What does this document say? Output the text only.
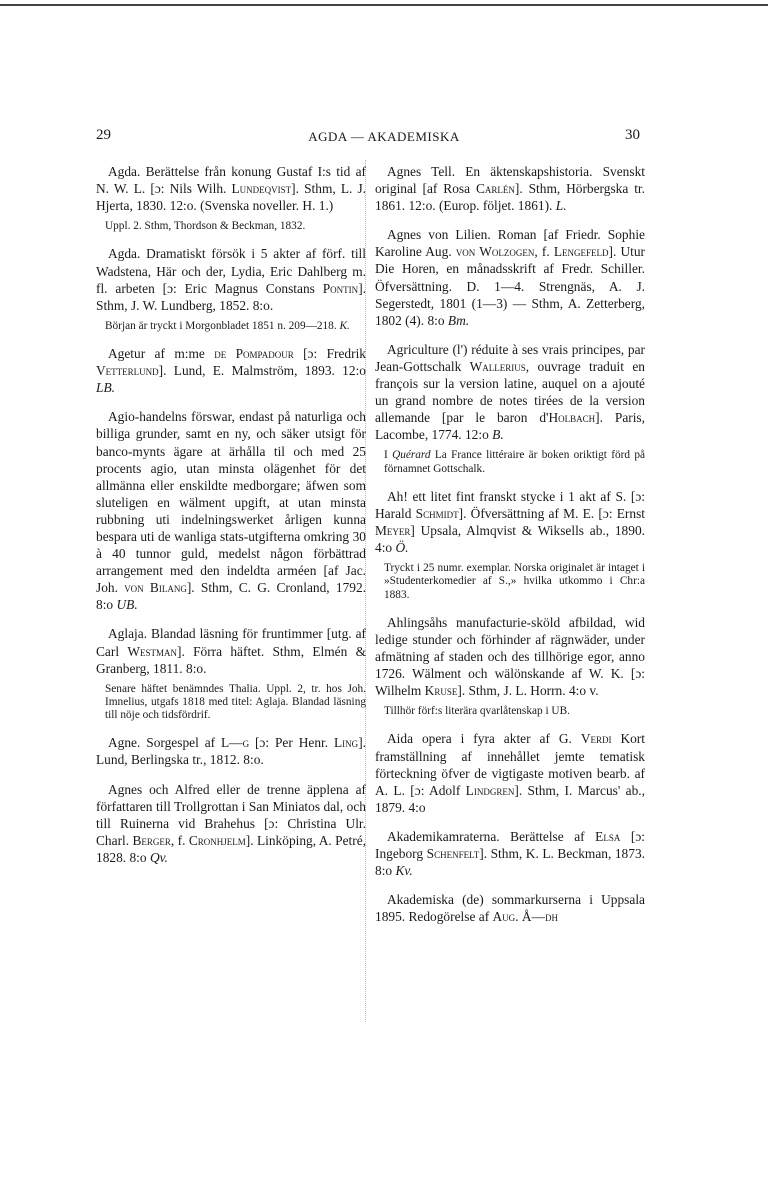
29	AGDA — AKADEMISKA	30

Agda. Berättelse från konung Gustaf I:s tid af N. W. L. [ɔ: Nils Wilh. Lundeqvist]. Sthm, L. J. Hjerta, 1830. 12:o. (Svenska noveller. H. 1.)

Uppl. 2. Sthm, Thordson & Beckman, 1832.

Agda. Dramatiskt försök i 5 akter af förf. till Wadstena, Här och der, Lydia, Eric Dahlberg m. fl. arbeten [ɔ: Eric Magnus Constans Pontin]. Sthm, J. W. Lundberg, 1852. 8:o.

Början är tryckt i Morgonbladet 1851 n. 209—218. K.

Agetur af m:me de Pompadour [ɔ: Fredrik Vetterlund]. Lund, E. Malmström, 1893. 12:o LB.

Agio-handelns förswar, endast på naturliga och billiga grunder, samt en ny, och säker utsigt för banco-mynts ägare at ärhålla til och med 25 procents agio, utan minsta olägenhet för det allmänna eller enskildte medborgare; äfwen som sluteligen en wälment upgift, at utan minsta rubbning uti indelningswerket årligen kunna bespara uti de wanliga stats-utgifterna omkring 30 à 40 tunnor guld, medelst någon förbättrad arrangement med den indeldta arméen [af Jac. Joh. von Bilang]. Sthm, C. G. Cronland, 1792. 8:o UB.

Aglaja. Blandad läsning för fruntimmer [utg. af Carl Westman]. Förra häftet. Sthm, Elmén & Granberg, 1811. 8:o.

Senare häftet benämndes Thalia. Uppl. 2, tr. hos Joh. Imnelius, utgafs 1818 med titel: Aglaja. Blandad läsning till nöje och tidsfördrif.

Agne. Sorgespel af L—g [ɔ: Per Henr. Ling]. Lund, Berlingska tr., 1812. 8:o.

Agnes och Alfred eller de trenne äpplena af författaren till Trollgrottan i San Miniatos dal, och till Ruinerna vid Brahehus [ɔ: Christina Ulr. Charl. Berger, f. Cronhjelm]. Linköping, A. Petré, 1828. 8:o Qv.

Agnes Tell. En äktenskapshistoria. Svenskt original [af Rosa Carlén]. Sthm, Hörbergska tr. 1861. 12:o. (Europ. följet. 1861). L.

Agnes von Lilien. Roman [af Friedr. Sophie Karoline Aug. von Wolzogen, f. Lengefeld]. Utur Die Horen, en månadsskrift af Fredr. Schiller. Öfversättning. D. 1—4. Strengnäs, A. J. Segerstedt, 1801 (1—3) — Sthm, A. Zetterberg, 1802 (4). 8:o Bm.

Agriculture (l') réduite à ses vrais principes, par Jean-Gottschalk Wallerius, ouvrage traduit en françois sur la version latine, auquel on a ajouté un grand nombre de notes tirées de la version allemande [par le baron d'Holbach]. Paris, Lacombe, 1774. 12:o B.

I Quérard La France littéraire är boken oriktigt förd på förnamnet Gottschalk.

Ah! ett litet fint franskt stycke i 1 akt af S. [ɔ: Harald Schmidt]. Öfversättning af M. E. [ɔ: Ernst Meyer] Upsala, Almqvist & Wiksells ab., 1890. 4:o Ö.

Tryckt i 25 numr. exemplar. Norska originalet är intaget i »Studenterkomedier af S.,» hvilka utkommo i Chr:a 1883.

Ahlingsåhs manufacturie-sköld afbildad, wid ledige stunder och förhinder af rägnwäder, under afmätning af staden och des tillhörige egor, anno 1726. Wälment och wälönskande af W. K. [ɔ: Wilhelm Kruse]. Sthm, J. L. Horrn. 4:o v.

Tillhör förf:s literära qvarlåtenskap i UB.

Aida opera i fyra akter af G. Verdi Kort framställning af innehållet jemte tematisk förteckning öfver de vigtigaste motiven bearb. af A. L. [ɔ: Adolf Lindgren]. Sthm, I. Marcus' ab., 1879. 4:o

Akademikamraterna. Berättelse af Elsa [ɔ: Ingeborg Schenfelt]. Sthm, K. L. Beckman, 1873. 8:o Kv.

Akademiska (de) sommarkurserna i Uppsala 1895. Redogörelse af Aug. Å—dh
